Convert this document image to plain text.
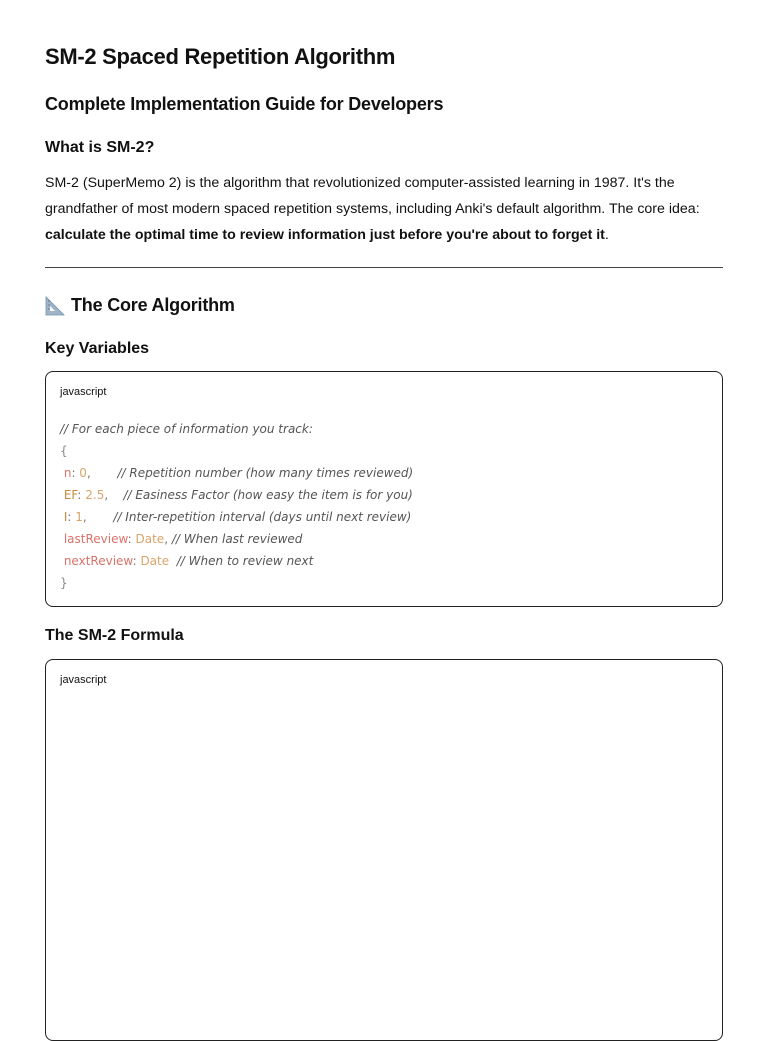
SM-2 Spaced Repetition Algorithm
Complete Implementation Guide for Developers
What is SM-2?

SM-2 (SuperMemo 2) is the algorithm that revolutionized computer-assisted learning in 1987. It's the grandfather of most modern spaced repetition systems, including Anki's default algorithm. The core idea: calculate the optimal time to review information just before you're about to forget it.

The Core Algorithm
Key Variables
javascript
// For each piece of information you track:
{
n: 0, // Repetition number (how many times reviewed)
EF: 2.5, // Easiness Factor (how easy the item is for you)
I: 1, // Inter-repetition interval (days until next review)
lastReview: Date, // When last reviewed
nextReview: Date // When to review next
}
The SM-2 Formula
javascript
